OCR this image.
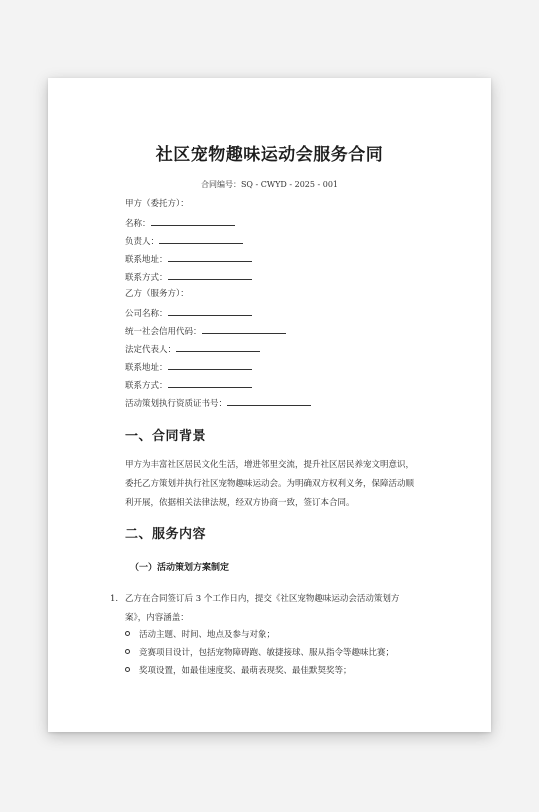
社区宠物趣味运动会服务合同
合同编号：SQ - CWYD - 2025 - 001
甲方（委托方）：
名称：
负责人：
联系地址：
联系方式：
乙方（服务方）：
公司名称：
统一社会信用代码：
法定代表人：
联系地址：
联系方式：
活动策划执行资质证书号：
一、合同背景

甲方为丰富社区居民文化生活，增进邻里交流，提升社区居民养宠文明意识，

委托乙方策划并执行社区宠物趣味运动会。为明确双方权利义务，保障活动顺

利开展，依据相关法律法规，经双方协商一致，签订本合同。

二、服务内容
（一）活动策划方案制定
1. 乙方在合同签订后 3 个工作日内，提交《社区宠物趣味运动会活动策划方
案》，内容涵盖：
活动主题、时间、地点及参与对象；
竞赛项目设计，包括宠物障碍跑、敏捷接球、服从指令等趣味比赛；
奖项设置，如最佳速度奖、最萌表现奖、最佳默契奖等；
